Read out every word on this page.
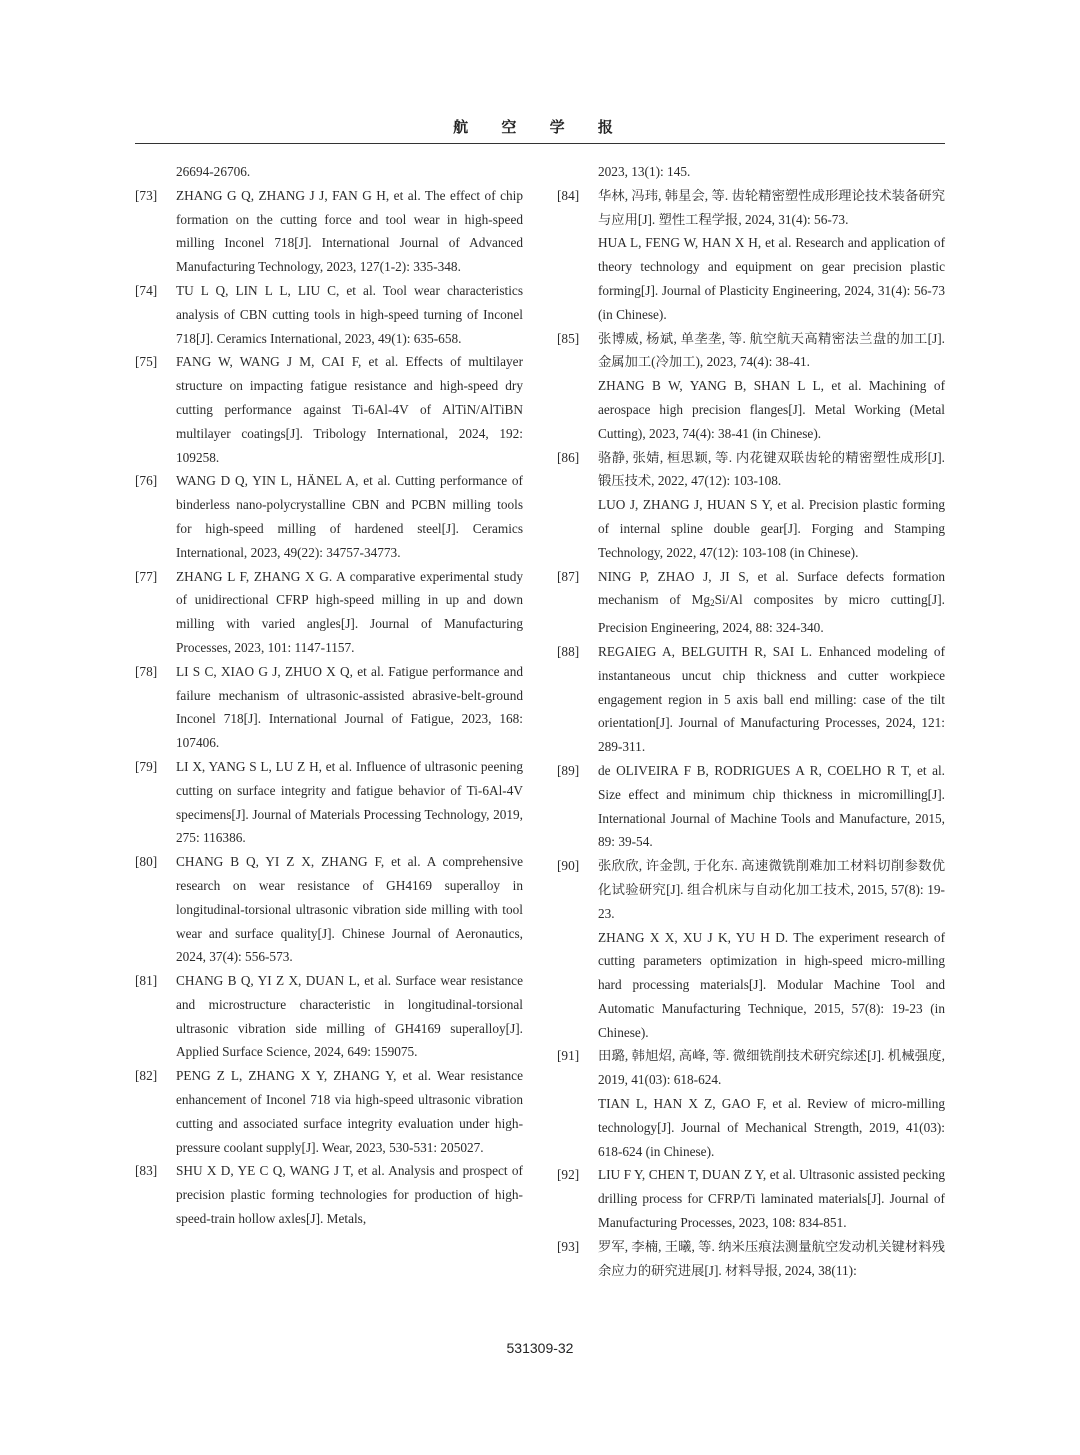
航 空 学 报
26694-26706.
[73]	ZHANG G Q, ZHANG J J, FAN G H, et al. The effect of chip formation on the cutting force and tool wear in high-speed milling Inconel 718[J]. International Journal of Advanced Manufacturing Technology, 2023, 127(1-2): 335-348.
[74]	TU L Q, LIN L L, LIU C, et al. Tool wear characteristics analysis of CBN cutting tools in high-speed turning of Inconel 718[J]. Ceramics International, 2023, 49(1): 635-658.
[75]	FANG W, WANG J M, CAI F, et al. Effects of multilayer structure on impacting fatigue resistance and high-speed dry cutting performance against Ti-6Al-4V of AlTiN/AlTiBN multilayer coatings[J]. Tribology International, 2024, 192: 109258.
[76]	WANG D Q, YIN L, HÄNEL A, et al. Cutting performance of binderless nano-polycrystalline CBN and PCBN milling tools for high-speed milling of hardened steel[J]. Ceramics International, 2023, 49(22): 34757-34773.
[77]	ZHANG L F, ZHANG X G. A comparative experimental study of unidirectional CFRP high-speed milling in up and down milling with varied angles[J]. Journal of Manufacturing Processes, 2023, 101: 1147-1157.
[78]	LI S C, XIAO G J, ZHUO X Q, et al. Fatigue performance and failure mechanism of ultrasonic-assisted abrasive-belt-ground Inconel 718[J]. International Journal of Fatigue, 2023, 168: 107406.
[79]	LI X, YANG S L, LU Z H, et al. Influence of ultrasonic peening cutting on surface integrity and fatigue behavior of Ti-6Al-4V specimens[J]. Journal of Materials Processing Technology, 2019, 275: 116386.
[80]	CHANG B Q, YI Z X, ZHANG F, et al. A comprehensive research on wear resistance of GH4169 superalloy in longitudinal-torsional ultrasonic vibration side milling with tool wear and surface quality[J]. Chinese Journal of Aeronautics, 2024, 37(4): 556-573.
[81]	CHANG B Q, YI Z X, DUAN L, et al. Surface wear resistance and microstructure characteristic in longitudinal-torsional ultrasonic vibration side milling of GH4169 superalloy[J]. Applied Surface Science, 2024, 649: 159075.
[82]	PENG Z L, ZHANG X Y, ZHANG Y, et al. Wear resistance enhancement of Inconel 718 via high-speed ultrasonic vibration cutting and associated surface integrity evaluation under high-pressure coolant supply[J]. Wear, 2023, 530-531: 205027.
[83]	SHU X D, YE C Q, WANG J T, et al. Analysis and prospect of precision plastic forming technologies for production of high-speed-train hollow axles[J]. Metals,
2023, 13(1): 145.
[84]	华林, 冯玮, 韩星会, 等. 齿轮精密塑性成形理论技术装备研究与应用[J]. 塑性工程学报, 2024, 31(4): 56-73.
HUA L, FENG W, HAN X H, et al. Research and application of theory technology and equipment on gear precision plastic forming[J]. Journal of Plasticity Engineering, 2024, 31(4): 56-73 (in Chinese).
[85]	张博威, 杨斌, 单垄垄, 等. 航空航天高精密法兰盘的加工[J]. 金属加工(冷加工), 2023, 74(4): 38-41.
ZHANG B W, YANG B, SHAN L L, et al. Machining of aerospace high precision flanges[J]. Metal Working (Metal Cutting), 2023, 74(4): 38-41 (in Chinese).
[86]	骆静, 张婧, 桓思颖, 等. 内花键双联齿轮的精密塑性成形[J]. 锻压技术, 2022, 47(12): 103-108.
LUO J, ZHANG J, HUAN S Y, et al. Precision plastic forming of internal spline double gear[J]. Forging and Stamping Technology, 2022, 47(12): 103-108 (in Chinese).
[87]	NING P, ZHAO J, JI S, et al. Surface defects formation mechanism of $Mg_2Si/Al$ composites by micro cutting[J]. Precision Engineering, 2024, 88: 324-340.
[88]	REGAIEG A, BELGUITH R, SAI L. Enhanced modeling of instantaneous uncut chip thickness and cutter workpiece engagement region in 5 axis ball end milling: case of the tilt orientation[J]. Journal of Manufacturing Processes, 2024, 121: 289-311.
[89]	de OLIVEIRA F B, RODRIGUES A R, COELHO R T, et al. Size effect and minimum chip thickness in micromilling[J]. International Journal of Machine Tools and Manufacture, 2015, 89: 39-54.
[90]	张欣欣, 许金凯, 于化东. 高速微铣削难加工材料切削参数优化试验研究[J]. 组合机床与自动化加工技术, 2015, 57(8): 19-23.
ZHANG X X, XU J K, YU H D. The experiment research of cutting parameters optimization in high-speed micro-milling hard processing materials[J]. Modular Machine Tool and Automatic Manufacturing Technique, 2015, 57(8): 19-23 (in Chinese).
[91]	田璐, 韩旭炤, 高峰, 等. 微细铣削技术研究综述[J]. 机械强度, 2019, 41(03): 618-624.
TIAN L, HAN X Z, GAO F, et al. Review of micro-milling technology[J]. Journal of Mechanical Strength, 2019, 41(03): 618-624 (in Chinese).
[92]	LIU F Y, CHEN T, DUAN Z Y, et al. Ultrasonic assisted pecking drilling process for CFRP/Ti laminated materials[J]. Journal of Manufacturing Processes, 2023, 108: 834-851.
[93]	罗军, 李楠, 王曦, 等. 纳米压痕法测量航空发动机关键材料残余应力的研究进展[J]. 材料导报, 2024, 38(11):
531309-32
